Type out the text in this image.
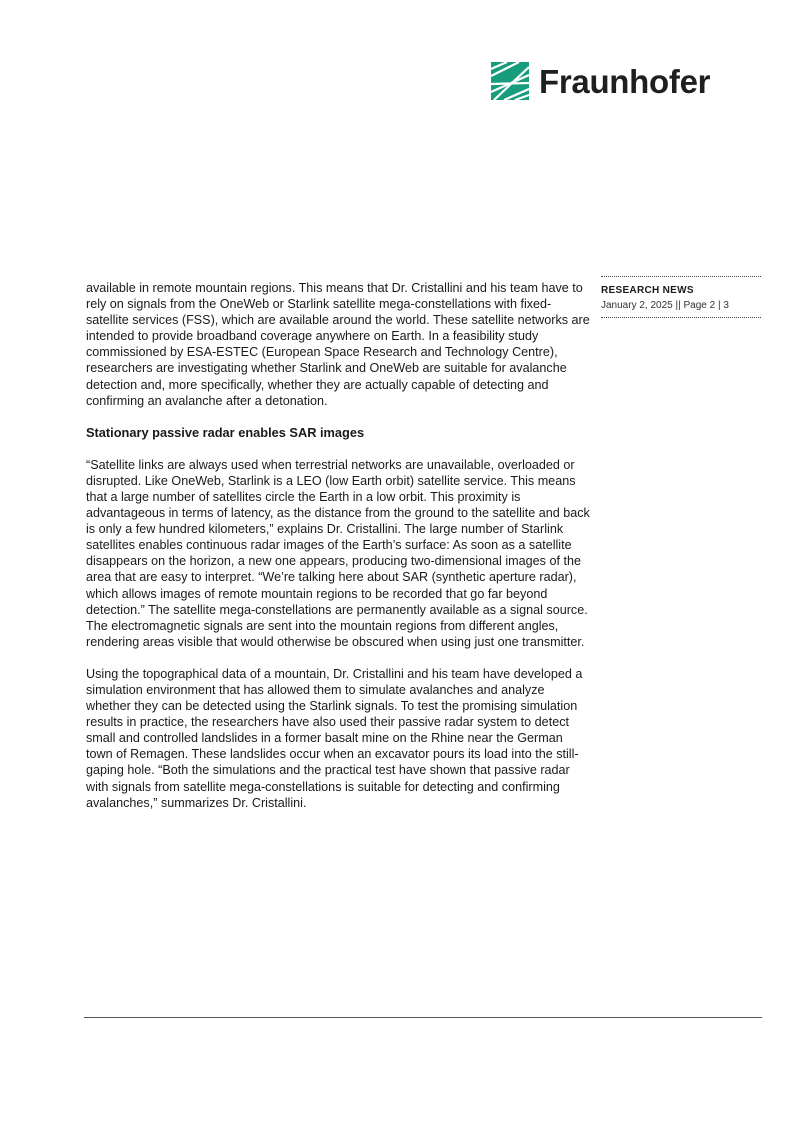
Fraunhofer
RESEARCH NEWS
January 2, 2025 || Page 2 | 3

available in remote mountain regions. This means that Dr. Cristallini and his team have to rely on signals from the OneWeb or Starlink satellite mega-constellations with fixed-satellite services (FSS), which are available around the world. These satellite networks are intended to provide broadband coverage anywhere on Earth. In a feasibility study commissioned by ESA-ESTEC (European Space Research and Technology Centre), researchers are investigating whether Starlink and OneWeb are suitable for avalanche detection and, more specifically, whether they are actually capable of detecting and confirming an avalanche after a detonation.

Stationary passive radar enables SAR images

“Satellite links are always used when terrestrial networks are unavailable, overloaded or disrupted. Like OneWeb, Starlink is a LEO (low Earth orbit) satellite service. This means that a large number of satellites circle the Earth in a low orbit. This proximity is advantageous in terms of latency, as the distance from the ground to the satellite and back is only a few hundred kilometers,” explains Dr. Cristallini. The large number of Starlink satellites enables continuous radar images of the Earth’s surface: As soon as a satellite disappears on the horizon, a new one appears, producing two-dimensional images of the area that are easy to interpret. “We’re talking here about SAR (synthetic aperture radar), which allows images of remote mountain regions to be recorded that go far beyond detection.” The satellite mega-constellations are permanently available as a signal source. The electromagnetic signals are sent into the mountain regions from different angles, rendering areas visible that would otherwise be obscured when using just one transmitter.

Using the topographical data of a mountain, Dr. Cristallini and his team have developed a simulation environment that has allowed them to simulate avalanches and analyze whether they can be detected using the Starlink signals. To test the promising simulation results in practice, the researchers have also used their passive radar system to detect small and controlled landslides in a former basalt mine on the Rhine near the German town of Remagen. These landslides occur when an excavator pours its load into the still-gaping hole. “Both the simulations and the practical test have shown that passive radar with signals from satellite mega-constellations is suitable for detecting and confirming avalanches,” summarizes Dr. Cristallini.
